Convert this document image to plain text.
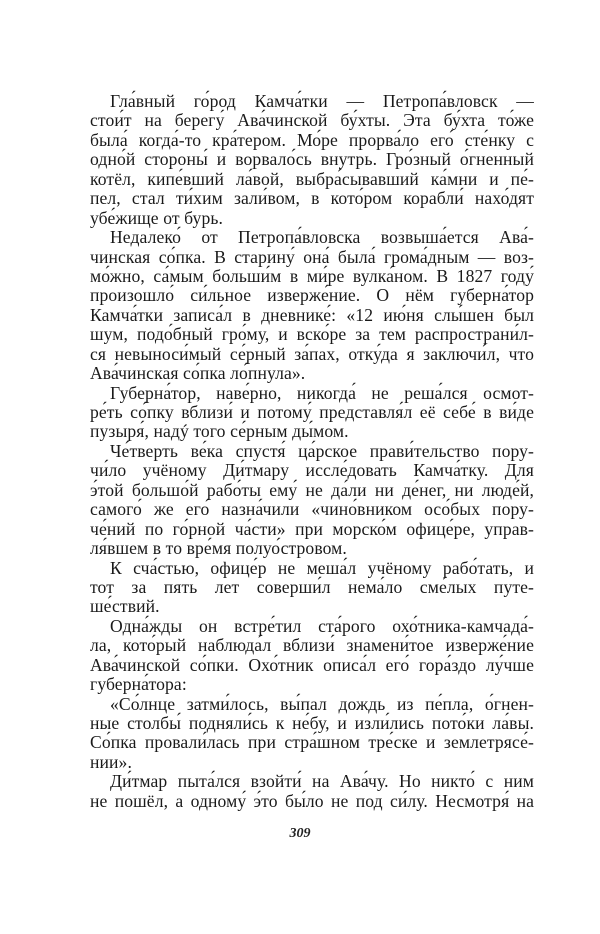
Гла́вный го́род Камча́тки — Петропа́вловск —
стои́т на берегу́ Ава́чинской бу́хты. Эта бу́хта то́же
была́ когда́-то кра́тером. Мо́ре прорва́ло его́ сте́нку с
одно́й стороны́ и ворвало́сь внутрь. Гро́зный о́гненный
котёл, кипе́вший ла́вой, выбра́сывавший ка́мни и пе́-
пел, стал ти́хим зали́вом, в кото́ром корабли́ нахо́дят
убе́жище от бурь.
Недалеко́ от Петропа́вловска возвыша́ется Ава́-
чинская со́пка. В старину́ она́ была́ грома́дным — воз-
мо́жно, са́мым больши́м в ми́ре вулка́ном. В 1827 году́
произошло́ си́льное изверже́ние. О нём губерна́тор
Камча́тки записа́л в дневнике́: «12 ию́ня слы́шен был
шум, подо́бный гро́му, и вско́ре за тем распространи́л-
ся невыноси́мый се́рный за́пах, отку́да я заключи́л, что
Ава́чинская со́пка ло́пнула».
Губерна́тор, наве́рно, никогда́ не реша́лся осмот-
ре́ть со́пку вблизи́ и потому́ представля́л её себе́ в ви́де
пузыря́, надý того се́рным ды́мом.
Че́тверть ве́ка спустя́ ца́рское прави́тельство пору-
чи́ло учёному Ди́тмару иссле́довать Камча́тку. Для
э́той большо́й рабо́ты ему́ не да́ли ни де́нег, ни люде́й,
самого́ же его́ назна́чили «чино́вником осо́бых пору-
че́ний по го́рной ча́сти» при морско́м офице́ре, управ-
ля́вшем в то вре́мя полуо́стровом.
К сча́стью, офице́р не меша́л учёному рабо́тать, и
тот за пять лет соверши́л нема́ло сме́лых путе-
ше́ствий.
Одна́жды он встре́тил ста́рого охо́тника-камчада́-
ла, кото́рый наблюда́л вблизи́ знамени́тое изверже́ние
Ава́чинской со́пки. Охо́тник описа́л его́ гора́здо лу́чше
губерна́тора:
«Со́лнце затми́лось, вы́пал дождь из пе́пла, о́гнен-
ные столбы́ подняли́сь к не́бу, и изли́лись пото́ки ла́вы.
Со́пка провали́лась при стра́шном тре́ске и землетрясе́-
нии».
Ди́тмар пыта́лся взойти́ на Ава́чу. Но никто́ с ним
не пошёл, а одному́ э́то бы́ло не под си́лу. Несмотря́ на
309
